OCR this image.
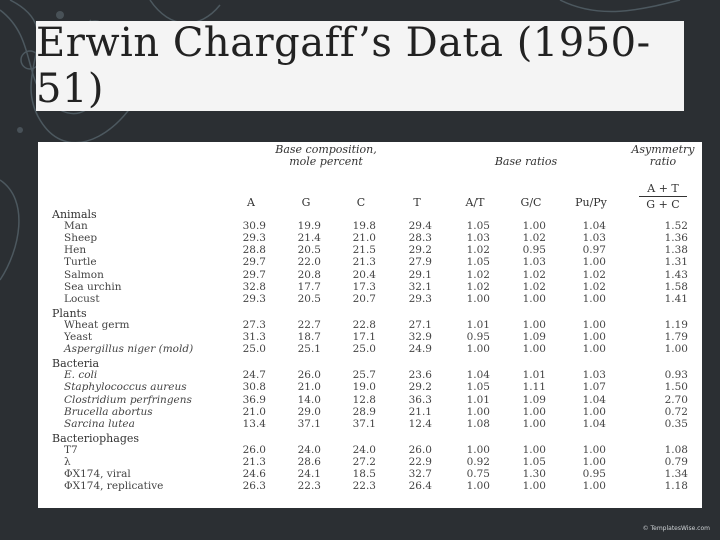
Erwin Chargaff’s Data (1950-51)
Base composition,
mole percent	Base ratios
Asymmetry
ratio
A + T
G + C
A	G	C	T	A/T	G/C	Pu/Py
Animals
Man	30.9	19.9	19.8	29.4	1.05	1.00	1.04	1.52
Sheep	29.3	21.4	21.0	28.3	1.03	1.02	1.03	1.36
Hen	28.8	20.5	21.5	29.2	1.02	0.95	0.97	1.38
Turtle	29.7	22.0	21.3	27.9	1.05	1.03	1.00	1.31
Salmon	29.7	20.8	20.4	29.1	1.02	1.02	1.02	1.43
Sea urchin	32.8	17.7	17.3	32.1	1.02	1.02	1.02	1.58
Locust	29.3	20.5	20.7	29.3	1.00	1.00	1.00	1.41
Plants
Wheat germ	27.3	22.7	22.8	27.1	1.01	1.00	1.00	1.19
Yeast	31.3	18.7	17.1	32.9	0.95	1.09	1.00	1.79
Aspergillus niger (mold)	25.0	25.1	25.0	24.9	1.00	1.00	1.00	1.00
Bacteria
E. coli	24.7	26.0	25.7	23.6	1.04	1.01	1.03	0.93
Staphylococcus aureus	30.8	21.0	19.0	29.2	1.05	1.11	1.07	1.50
Clostridium perfringens	36.9	14.0	12.8	36.3	1.01	1.09	1.04	2.70
Brucella abortus	21.0	29.0	28.9	21.1	1.00	1.00	1.00	0.72
Sarcina lutea	13.4	37.1	37.1	12.4	1.08	1.00	1.04	0.35
Bacteriophages
T7	26.0	24.0	24.0	26.0	1.00	1.00	1.00	1.08
λ	21.3	28.6	27.2	22.9	0.92	1.05	1.00	0.79
ΦX174, viral	24.6	24.1	18.5	32.7	0.75	1.30	0.95	1.34
ΦX174, replicative	26.3	22.3	22.3	26.4	1.00	1.00	1.00	1.18
© TemplatesWise.com
